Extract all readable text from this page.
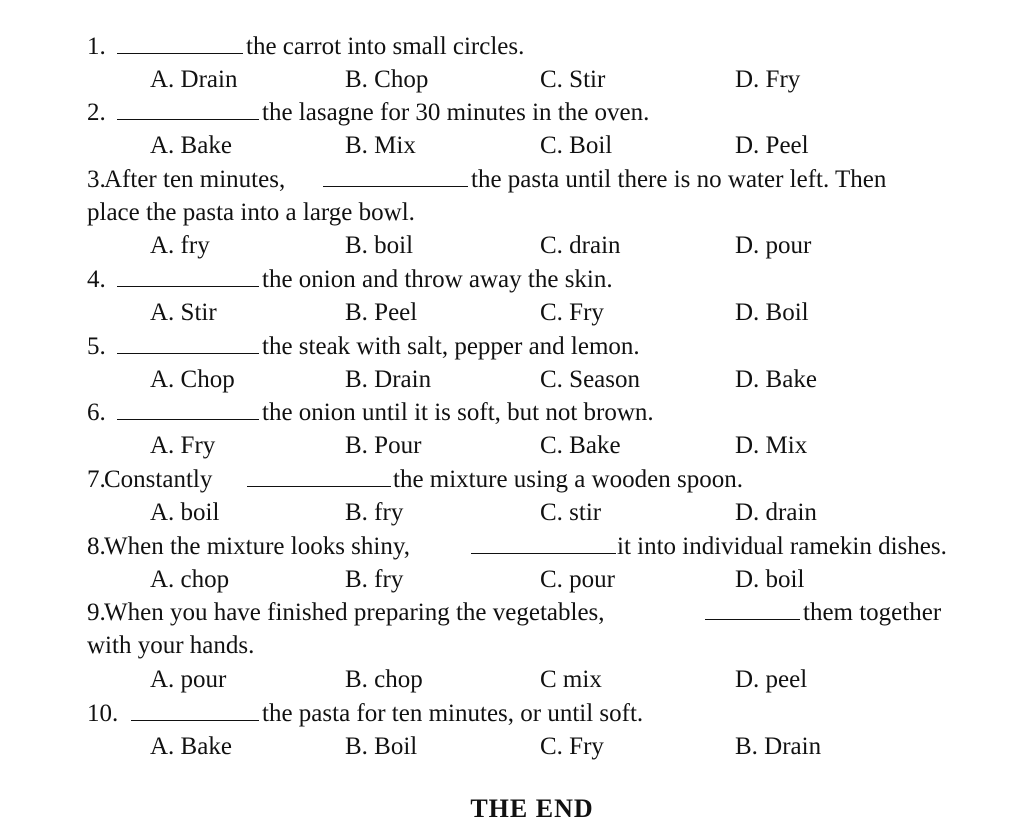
1.	the carrot into small circles.
A. Drain	B. Chop	C. Stir	D. Fry
2.	the lasagne for 30 minutes in the oven.
A. Bake	B. Mix	C. Boil	D. Peel
3.
After ten minutes,	the pasta until there is no water left. Then
place the pasta into a large bowl.
A. fry	B. boil	C. drain	D. pour
4.	the onion and throw away the skin.
A. Stir	B. Peel	C. Fry	D. Boil
5.	the steak with salt, pepper and lemon.
A. Chop	B. Drain	C. Season	D. Bake
6.	the onion until it is soft, but not brown.
A. Fry	B. Pour	C. Bake	D. Mix
7.
Constantly	the mixture using a wooden spoon.
A. boil	B. fry	C. stir	D. drain
8.
When the mixture looks shiny,	it into individual ramekin dishes.
A. chop	B. fry	C. pour	D. boil
9.
When you have finished preparing the vegetables,	them together
with your hands.
A. pour	B. chop	C mix	D. peel
10.	the pasta for ten minutes, or until soft.
A. Bake	B. Boil	C. Fry	B. Drain
THE END
